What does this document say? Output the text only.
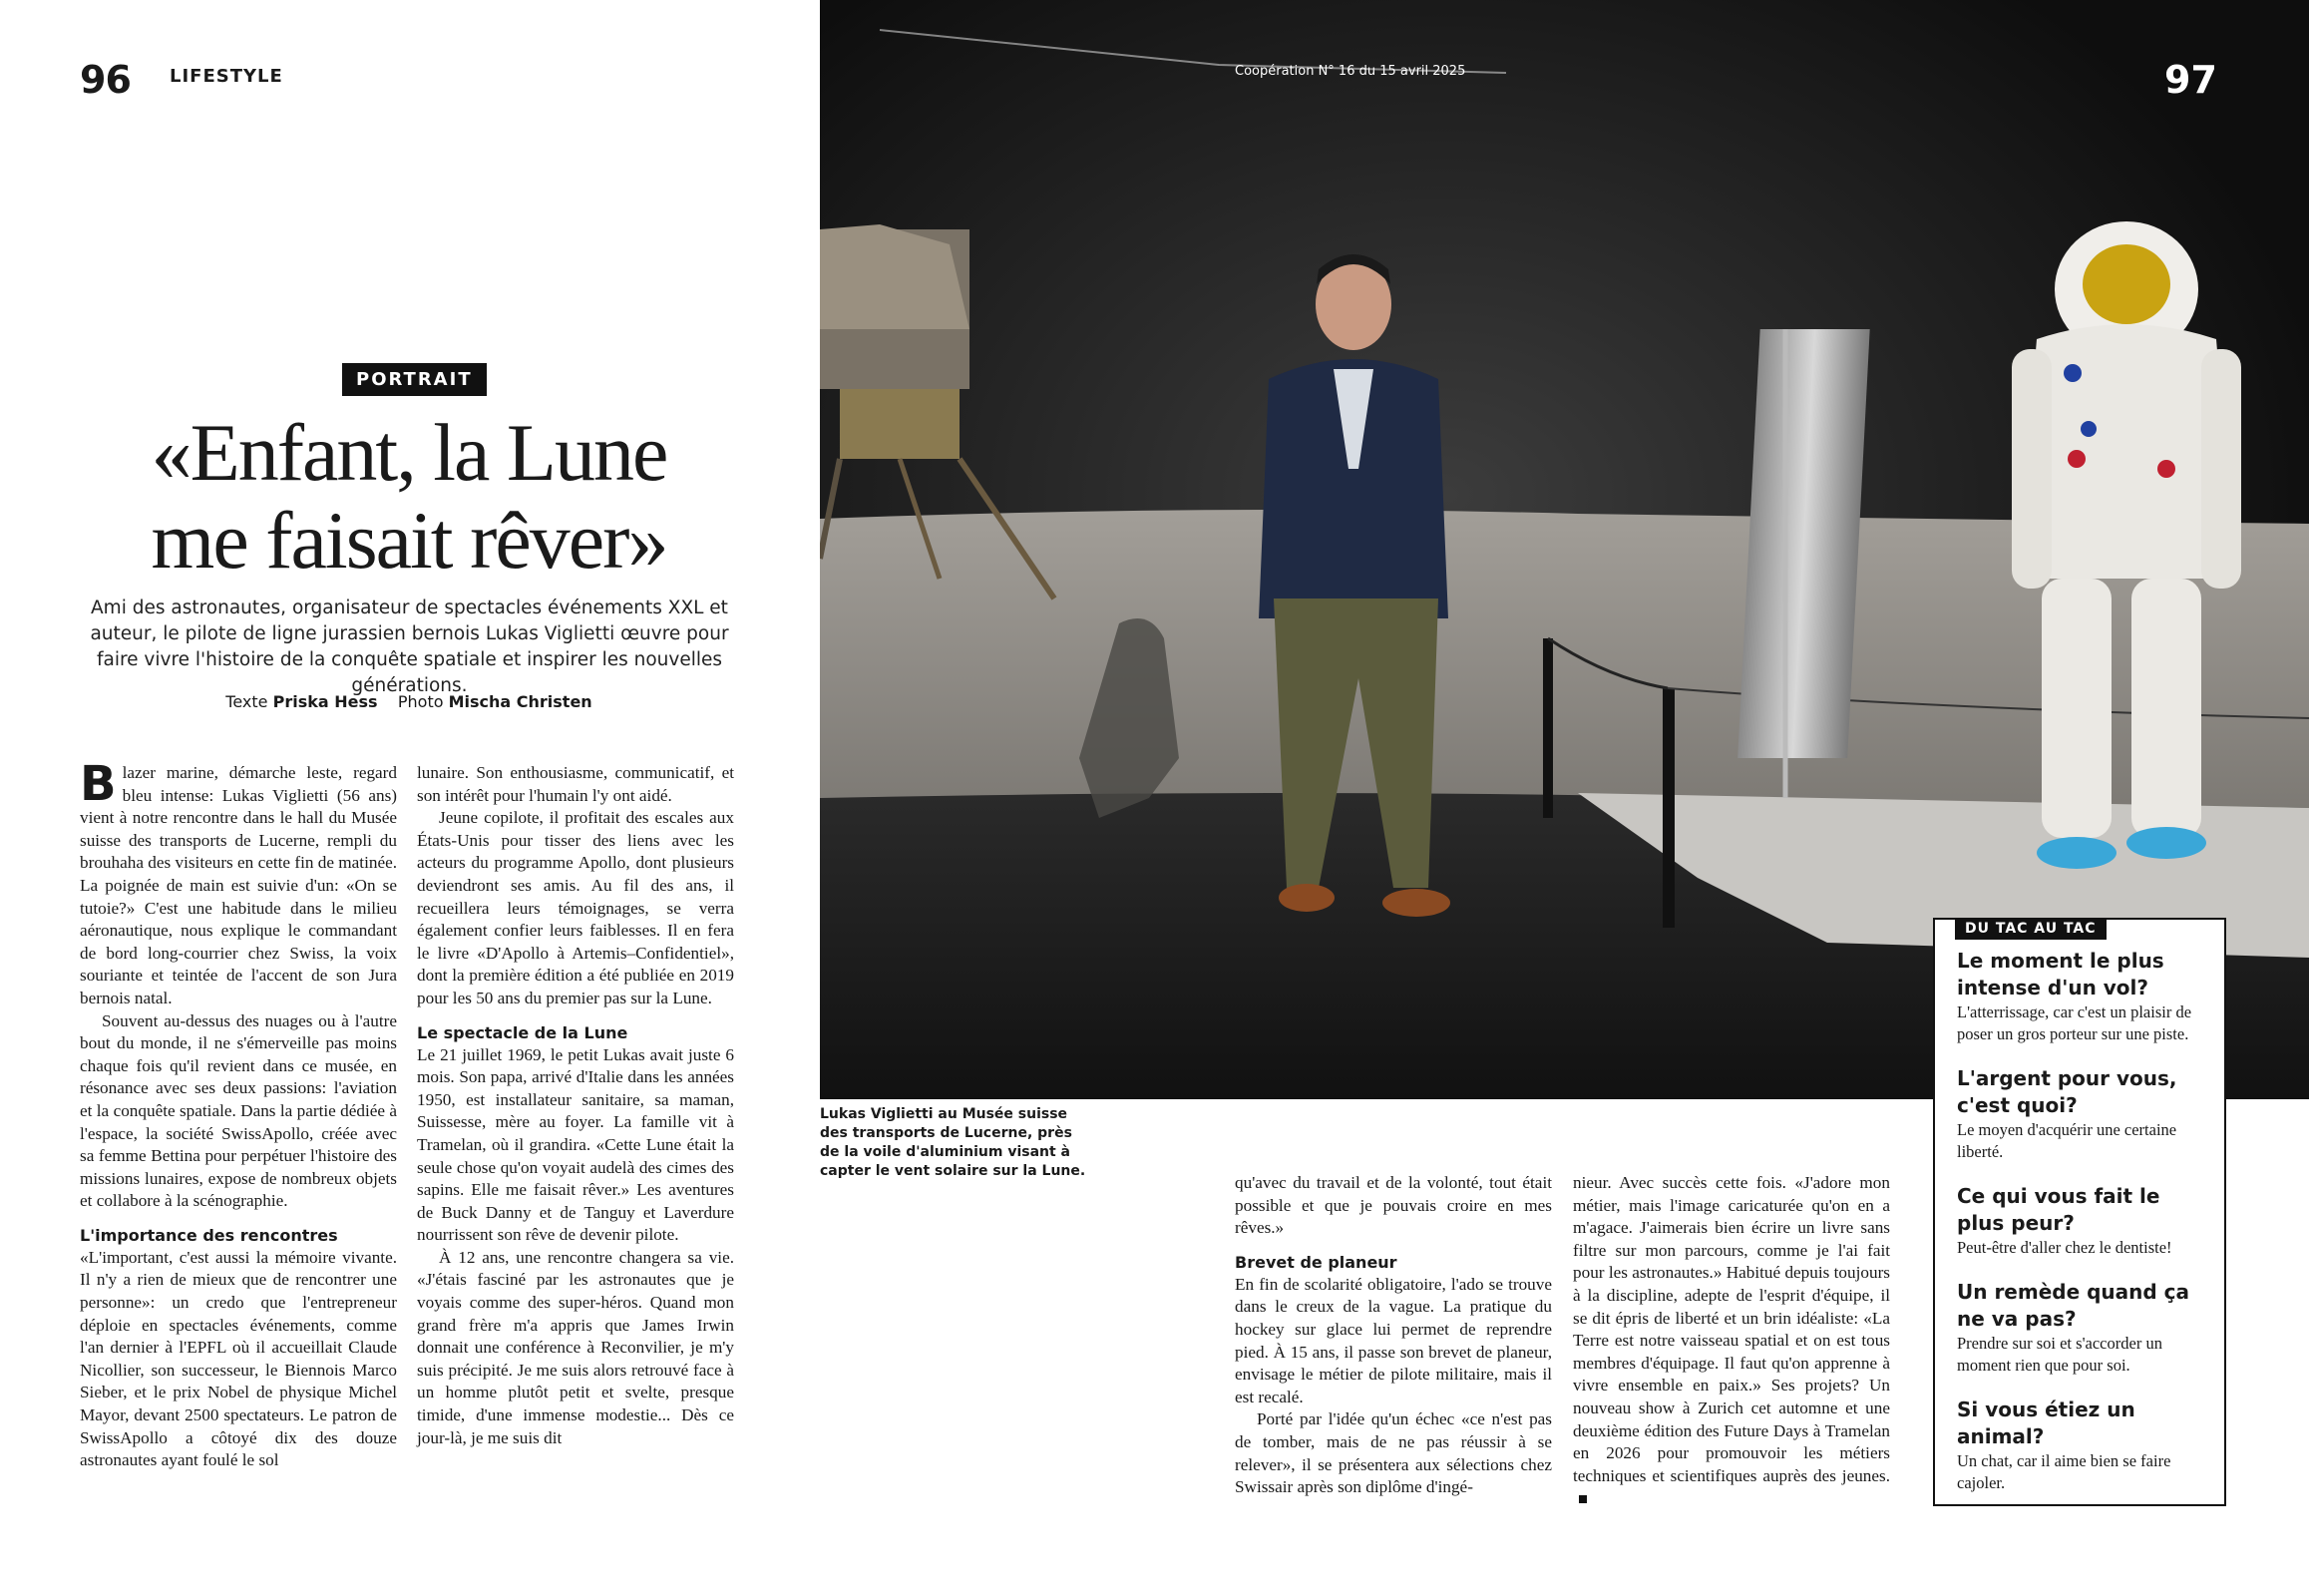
96 LIFESTYLE	Coopération N° 16 du 15 avril 2025	97
PORTRAIT
«Enfant, la Lune
me faisait rêver»
Ami des astronautes, organisateur de spectacles événements XXL et auteur, le pilote de ligne jurassien bernois Lukas Viglietti œuvre pour faire vivre l'histoire de la conquête spatiale et inspirer les nouvelles générations.
Texte Priska Hess Photo Mischa Christen

Blazer marine, démarche leste, regard bleu intense: Lukas Viglietti (56 ans) vient à notre rencontre dans le hall du Musée suisse des transports de Lucerne, rempli du brouhaha des visiteurs en cette fin de matinée. La poignée de main est suivie d'un: «On se tutoie?» C'est une habitude dans le milieu aéronautique, nous explique le commandant de bord long-courrier chez Swiss, la voix souriante et teintée de l'accent de son Jura bernois natal.

Souvent au-dessus des nuages ou à l'autre bout du monde, il ne s'émerveille pas moins chaque fois qu'il revient dans ce musée, en résonance avec ses deux passions: l'aviation et la conquête spatiale. Dans la partie dédiée à l'espace, la société SwissApollo, créée avec sa femme Bettina pour perpétuer l'histoire des missions lunaires, expose de nombreux objets et collabore à la scénographie.

L'importance des rencontres

«L'important, c'est aussi la mémoire vivante. Il n'y a rien de mieux que de rencontrer une personne»: un credo que l'entrepreneur déploie en spectacles événements, comme l'an dernier à l'EPFL où il accueillait Claude Nicollier, son successeur, le Biennois Marco Sieber, et le prix Nobel de physique Michel Mayor, devant 2500 spectateurs. Le patron de SwissApollo a côtoyé dix des douze astronautes ayant foulé le sol

lunaire. Son enthousiasme, communicatif, et son intérêt pour l'humain l'y ont aidé.

Jeune copilote, il profitait des escales aux États-Unis pour tisser des liens avec les acteurs du programme Apollo, dont plusieurs deviendront ses amis. Au fil des ans, il recueillera leurs témoignages, se verra également confier leurs faiblesses. Il en fera le livre «D'Apollo à Artemis–Confidentiel», dont la première édition a été publiée en 2019 pour les 50 ans du premier pas sur la Lune.

Le spectacle de la Lune

Le 21 juillet 1969, le petit Lukas avait juste 6 mois. Son papa, arrivé d'Italie dans les années 1950, est installateur sanitaire, sa maman, Suissesse, mère au foyer. La famille vit à Tramelan, où il grandira. «Cette Lune était la seule chose qu'on voyait audelà des cimes des sapins. Elle me faisait rêver.» Les aventures de Buck Danny et de Tanguy et Laverdure nourrissent son rêve de devenir pilote.

À 12 ans, une rencontre changera sa vie. «J'étais fasciné par les astronautes que je voyais comme des super-héros. Quand mon grand frère m'a appris que James Irwin donnait une conférence à Reconvilier, je m'y suis précipité. Je me suis alors retrouvé face à un homme plutôt petit et svelte, presque timide, d'une immense modestie... Dès ce jour-là, je me suis dit

Lukas Viglietti au Musée suisse des transports de Lucerne, près de la voile d'aluminium visant à capter le vent solaire sur la Lune.

qu'avec du travail et de la volonté, tout était possible et que je pouvais croire en mes rêves.»

Brevet de planeur

En fin de scolarité obligatoire, l'ado se trouve dans le creux de la vague. La pratique du hockey sur glace lui permet de reprendre pied. À 15 ans, il passe son brevet de planeur, envisage le métier de pilote militaire, mais il est recalé.

Porté par l'idée qu'un échec «ce n'est pas de tomber, mais de ne pas réussir à se relever», il se présentera aux sélections chez Swissair après son diplôme d'ingé-

nieur. Avec succès cette fois. «J'adore mon métier, mais l'image caricaturée qu'on en a m'agace. J'aimerais bien écrire un livre sans filtre sur mon parcours, comme je l'ai fait pour les astronautes.» Habitué depuis toujours à la discipline, adepte de l'esprit d'équipe, il se dit épris de liberté et un brin idéaliste: «La Terre est notre vaisseau spatial et on est tous membres d'équipage. Il faut qu'on apprenne à vivre ensemble en paix.» Ses projets? Un nouveau show à Zurich cet automne et une deuxième édition des Future Days à Tramelan en 2026 pour promouvoir les métiers techniques et scientifiques auprès des jeunes.

DU TAC AU TAC

Le moment le plus intense d'un vol?

L'atterrissage, car c'est un plaisir de poser un gros porteur sur une piste.

L'argent pour vous, c'est quoi?

Le moyen d'acquérir une certaine liberté.

Ce qui vous fait le plus peur?

Peut-être d'aller chez le dentiste!

Un remède quand ça ne va pas?

Prendre sur soi et s'accorder un moment rien que pour soi.

Si vous étiez un animal?

Un chat, car il aime bien se faire cajoler.
